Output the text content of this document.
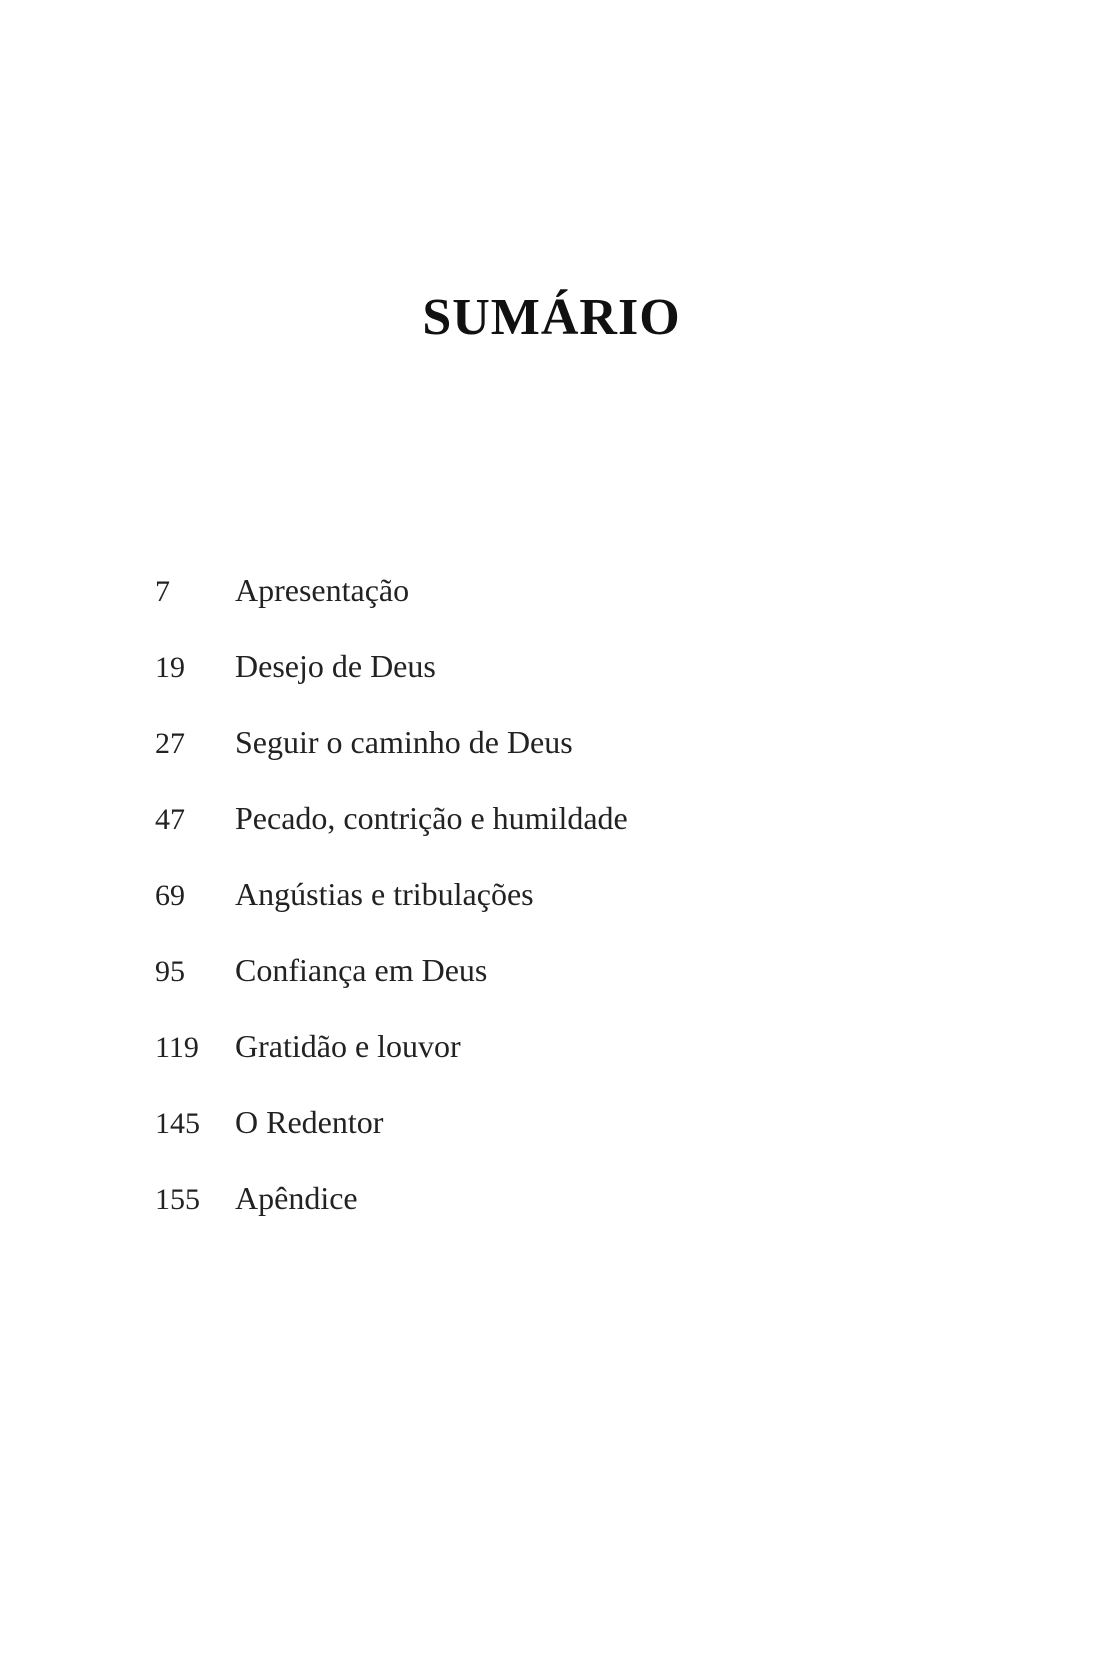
SUMÁRIO
7	Apresentação
19	Desejo de Deus
27	Seguir o caminho de Deus
47	Pecado, contrição e humildade
69	Angústias e tribulações
95	Confiança em Deus
119	Gratidão e louvor
145	O Redentor
155	Apêndice
